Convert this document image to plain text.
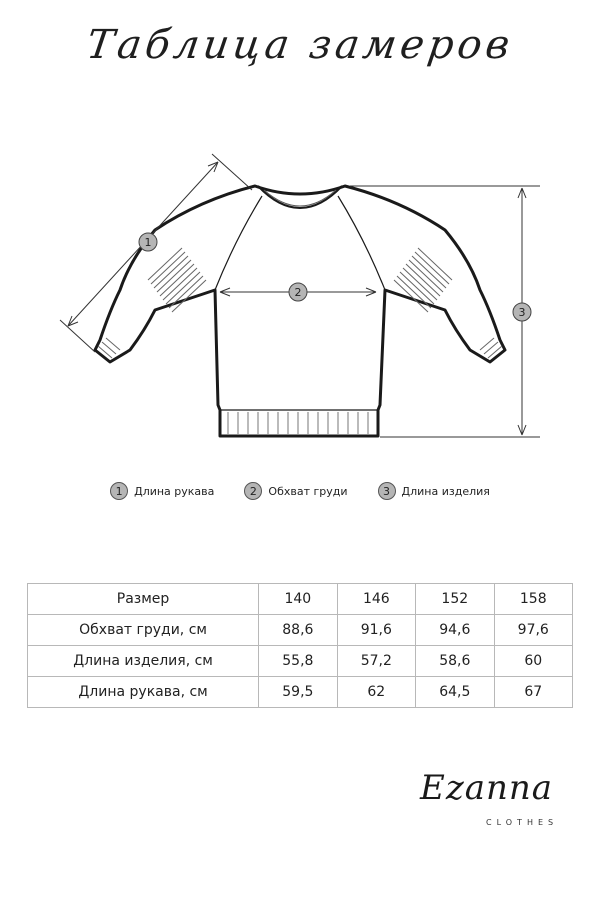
Таблица замеров
1
2
3
1	Длина рукава	2	Обхват груди	3	Длина изделия
Размер	140	146	152	158
Обхват груди, см	88,6	91,6	94,6	97,6
Длина изделия, см	55,8	57,2	58,6	60
Длина рукава, см	59,5	62	64,5	67
Ezanna
CLOTHES
